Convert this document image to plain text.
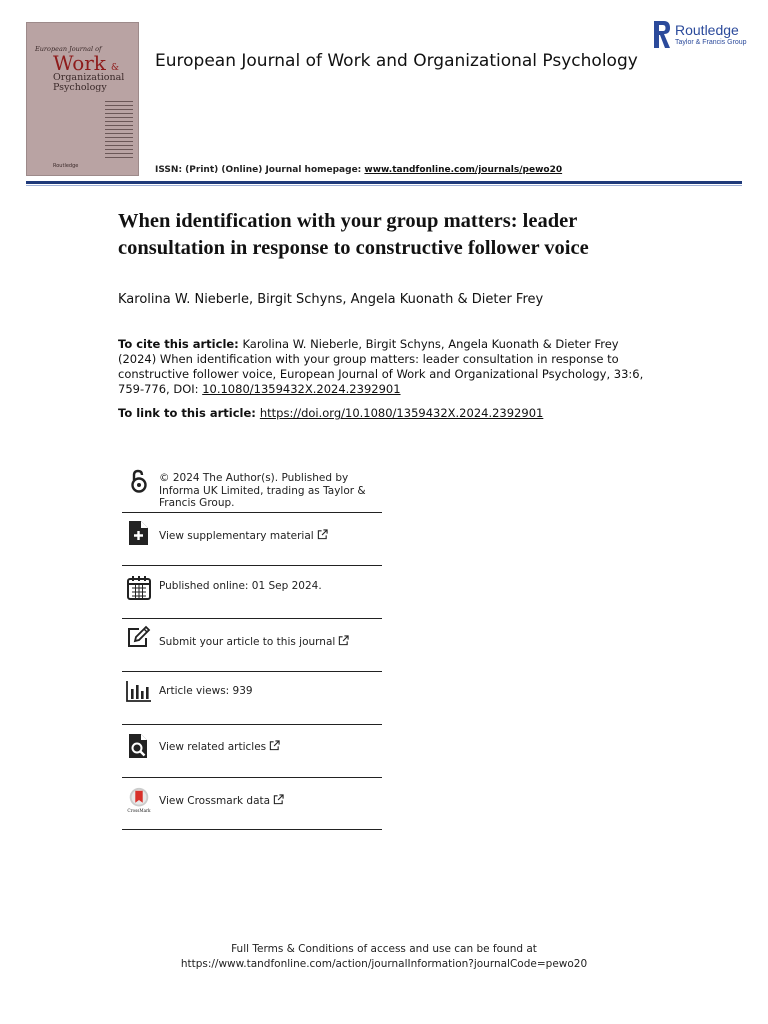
European Journal of
Work &
Organizational
Psychology
Routledge
European Journal of Work and Organizational Psychology
Routledge
Taylor & Francis Group
ISSN: (Print) (Online) Journal homepage: www.tandfonline.com/journals/pewo20
When identification with your group matters: leader consultation in response to constructive follower voice
Karolina W. Nieberle, Birgit Schyns, Angela Kuonath & Dieter Frey
To cite this article: Karolina W. Nieberle, Birgit Schyns, Angela Kuonath & Dieter Frey (2024) When identification with your group matters: leader consultation in response to constructive follower voice, European Journal of Work and Organizational Psychology, 33:6, 759-776, DOI: 10.1080/1359432X.2024.2392901
To link to this article: https://doi.org/10.1080/1359432X.2024.2392901
© 2024 The Author(s). Published by Informa UK Limited, trading as Taylor & Francis Group.
View supplementary material
Published online: 01 Sep 2024.
Submit your article to this journal
Article views: 939
View related articles
CrossMark
View Crossmark data
Full Terms & Conditions of access and use can be found at
https://www.tandfonline.com/action/journalInformation?journalCode=pewo20
